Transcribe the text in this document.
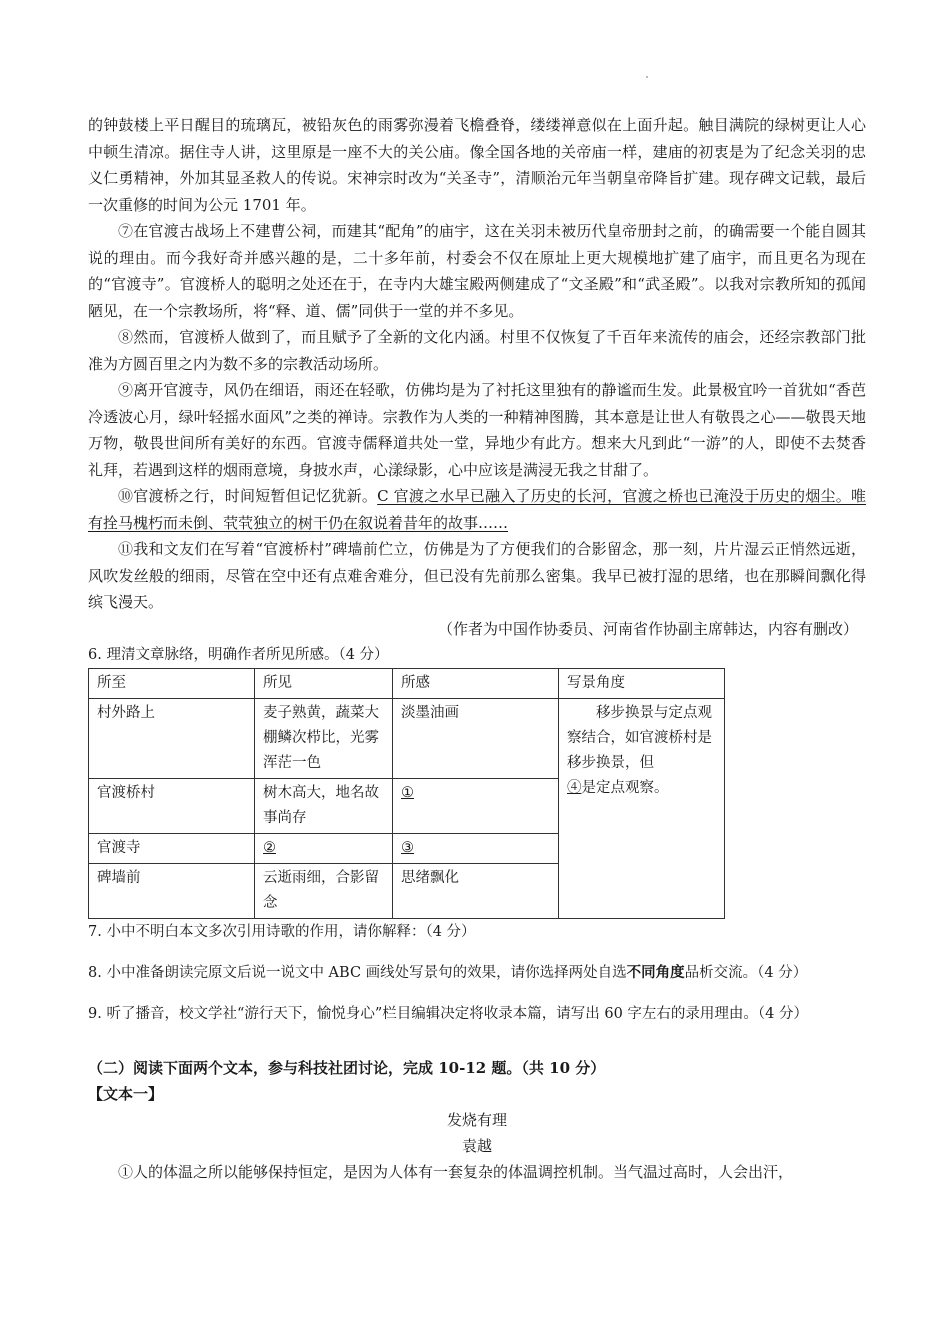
的钟鼓楼上平日醒目的琉璃瓦，被铅灰色的雨雾弥漫着飞檐叠脊，缕缕禅意似在上面升起。触目满院的绿树更让人心中顿生清凉。据住寺人讲，这里原是一座不大的关公庙。像全国各地的关帝庙一样，建庙的初衷是为了纪念关羽的忠义仁勇精神，外加其显圣救人的传说。宋神宗时改为“关圣寺”，清顺治元年当朝皇帝降旨扩建。现存碑文记载，最后一次重修的时间为公元 1701 年。

⑦在官渡古战场上不建曹公祠，而建其“配角”的庙宇，这在关羽未被历代皇帝册封之前，的确需要一个能自圆其说的理由。而今我好奇并感兴趣的是，二十多年前，村委会不仅在原址上更大规模地扩建了庙宇，而且更名为现在的“官渡寺”。官渡桥人的聪明之处还在于，在寺内大雄宝殿两侧建成了“文圣殿”和“武圣殿”。以我对宗教所知的孤闻陋见，在一个宗教场所，将“释、道、儒”同供于一堂的并不多见。

⑧然而，官渡桥人做到了，而且赋予了全新的文化内涵。村里不仅恢复了千百年来流传的庙会，还经宗教部门批准为方圆百里之内为数不多的宗教活动场所。

⑨离开官渡寺，风仍在细语，雨还在轻歌，仿佛均是为了衬托这里独有的静谧而生发。此景极宜吟一首犹如“香芭冷透波心月，绿叶轻摇水面风”之类的禅诗。宗教作为人类的一种精神图腾，其本意是让世人有敬畏之心——敬畏天地万物，敬畏世间所有美好的东西。官渡寺儒释道共处一堂，异地少有此方。想来大凡到此“一游”的人，即使不去焚香礼拜，若遇到这样的烟雨意境，身披水声，心漾绿影，心中应该是满浸无我之甘甜了。

⑩官渡桥之行，时间短暂但记忆犹新。C 官渡之水早已融入了历史的长河，官渡之桥也已淹没于历史的烟尘。唯有拴马槐朽而未倒、茕茕独立的树干仍在叙说着昔年的故事……

⑪我和文友们在写着“官渡桥村”碑墙前伫立，仿佛是为了方便我们的合影留念，那一刻，片片湿云正悄然远逝，风吹发丝般的细雨，尽管在空中还有点难舍难分，但已没有先前那么密集。我早已被打湿的思绪，也在那瞬间飘化得缤飞漫天。

（作者为中国作协委员、河南省作协副主席韩达，内容有删改）

6. 理清文章脉络，明确作者所见所感。（4 分）

所至	所见	所感	写景角度
村外路上	麦子熟黄，蔬菜大棚鳞次栉比，光雾浑茫一色	淡墨油画	移步换景与定点观察结合，如官渡桥村是移步换景，但④是定点观察。
官渡桥村	树木高大，地名故事尚存	①	
官渡寺	②	③	
碑墙前	云逝雨细，合影留念	思绪飘化	

7. 小中不明白本文多次引用诗歌的作用，请你解释：（4 分）

8. 小中准备朗读完原文后说一说文中 ABC 画线处写景句的效果，请你选择两处自选不同角度品析交流。（4 分）

9. 听了播音，校文学社“游行天下，愉悦身心”栏目编辑决定将收录本篇，请写出 60 字左右的录用理由。（4 分）

（二）阅读下面两个文本，参与科技社团讨论，完成 10-12 题。（共 10 分）

【文本一】

发烧有理

袁越

①人的体温之所以能够保持恒定，是因为人体有一套复杂的体温调控机制。当气温过高时，人会出汗，
